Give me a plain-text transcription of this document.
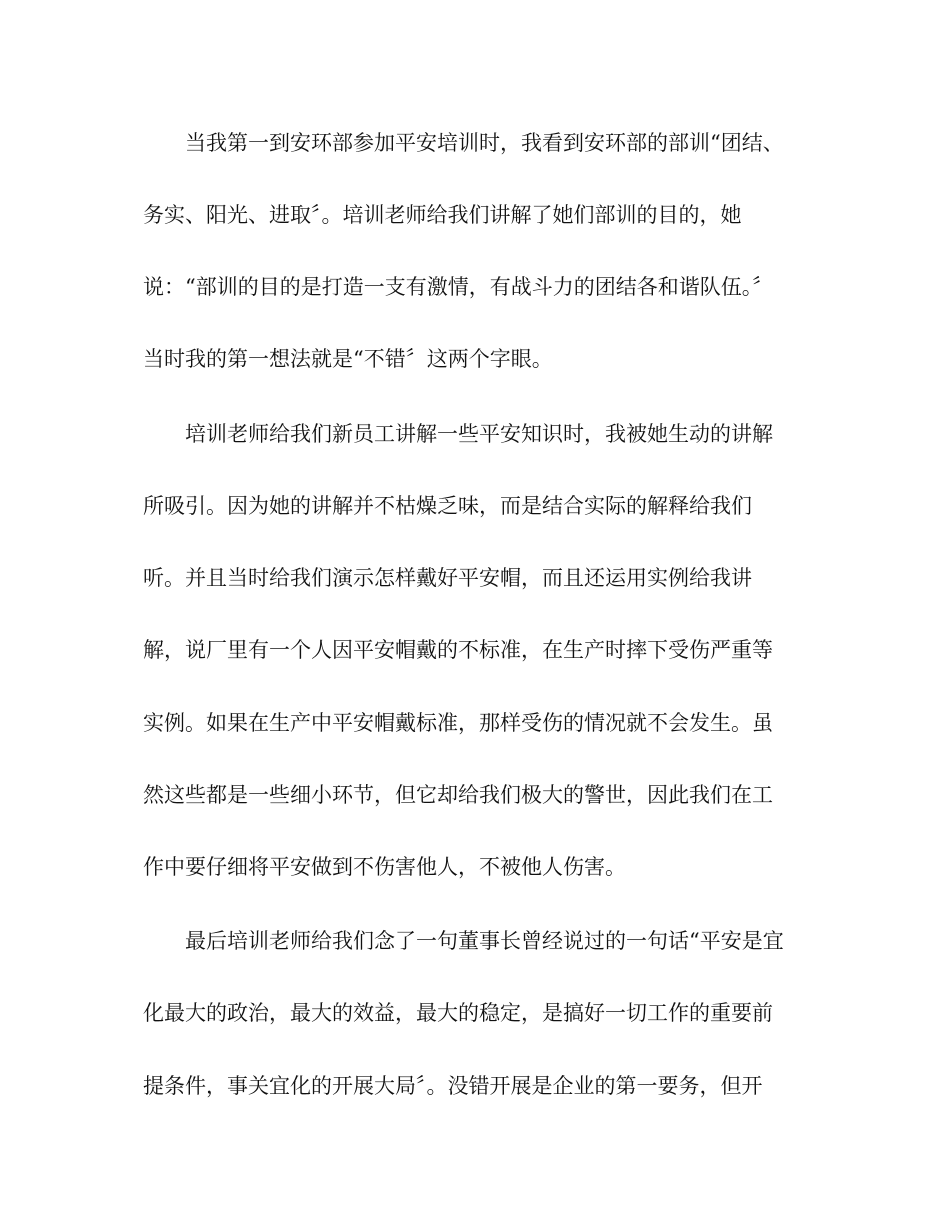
当我第一到安环部参加平安培训时，我看到安环部的部训“团结、
务实、阳光、进取〞。培训老师给我们讲解了她们部训的目的，她
说：“部训的目的是打造一支有激情，有战斗力的团结各和谐队伍。〞
当时我的第一想法就是“不错〞这两个字眼。
培训老师给我们新员工讲解一些平安知识时，我被她生动的讲解
所吸引。因为她的讲解并不枯燥乏味，而是结合实际的解释给我们
听。并且当时给我们演示怎样戴好平安帽，而且还运用实例给我讲
解，说厂里有一个人因平安帽戴的不标准，在生产时摔下受伤严重等
实例。如果在生产中平安帽戴标准，那样受伤的情况就不会发生。虽
然这些都是一些细小环节，但它却给我们极大的警世，因此我们在工
作中要仔细将平安做到不伤害他人，不被他人伤害。
最后培训老师给我们念了一句董事长曾经说过的一句话“平安是宜
化最大的政治，最大的效益，最大的稳定，是搞好一切工作的重要前
提条件，事关宜化的开展大局〞。没错开展是企业的第一要务，但开
